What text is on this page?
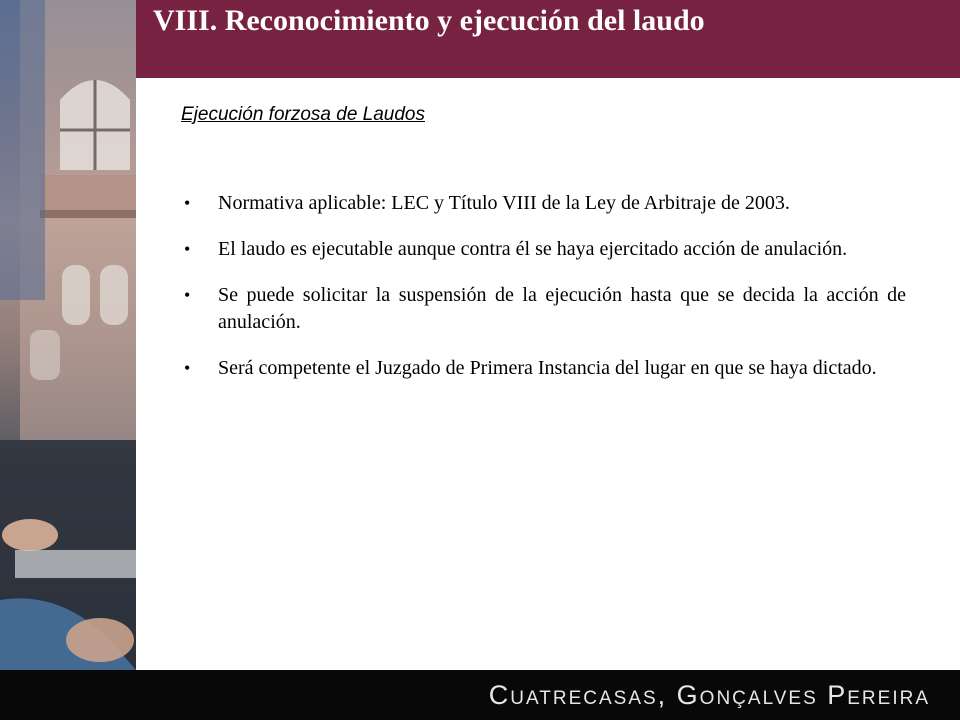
VIII. Reconocimiento y ejecución del laudo

Ejecución forzosa de Laudos

• Normativa aplicable: LEC y Título VIII de la Ley de Arbitraje de 2003.
• El laudo es ejecutable aunque contra él se haya ejercitado acción de anulación.
• Se puede solicitar la suspensión de la ejecución hasta que se decida la acción de anulación.
• Será competente el Juzgado de Primera Instancia del lugar en que se haya dictado.
Cuatrecasas, Gonçalves Pereira
